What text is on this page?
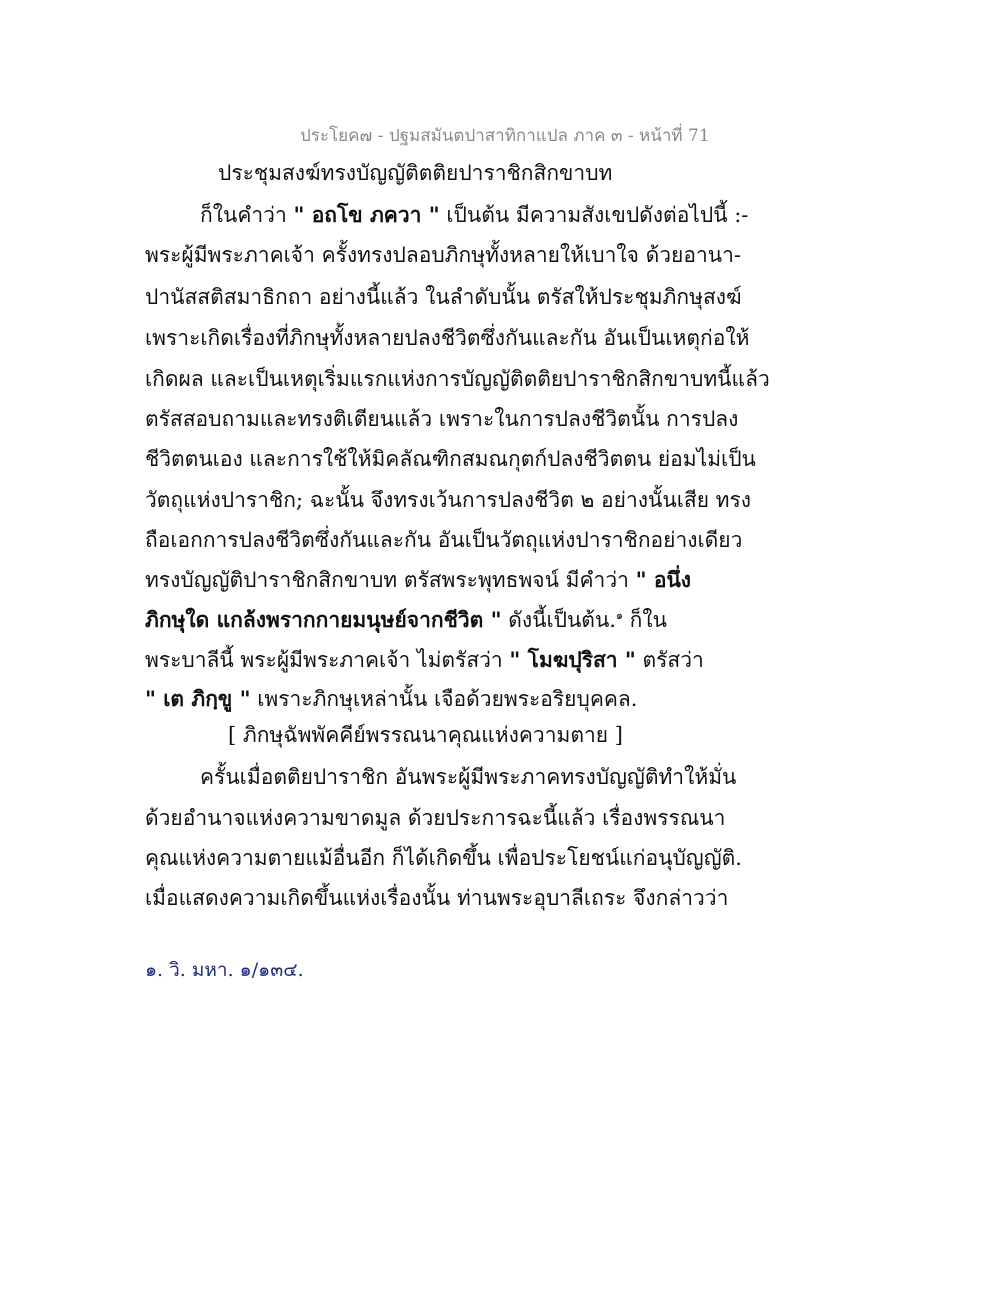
ประโยค๗ - ปฐมสมันตปาสาทิกาแปล ภาค ๓ - หน้าที่ 71
ประชุมสงฆ์ทรงบัญญัติตติยปาราชิกสิกขาบท
ก็ในคำว่า " อถโข ภควา " เป็นต้น มีความสังเขปดังต่อไปนี้ :-
พระผู้มีพระภาคเจ้า ครั้งทรงปลอบภิกษุทั้งหลายให้เบาใจ ด้วยอานา-
ปานัสสติสมาธิกถา อย่างนี้แล้ว ในลำดับนั้น ตรัสให้ประชุมภิกษุสงฆ์
เพราะเกิดเรื่องที่ภิกษุทั้งหลายปลงชีวิตซึ่งกันและกัน อันเป็นเหตุก่อให้
เกิดผล และเป็นเหตุเริ่มแรกแห่งการบัญญัติตติยปาราชิกสิกขาบทนี้แล้ว
ตรัสสอบถามและทรงติเตียนแล้ว เพราะในการปลงชีวิตนั้น การปลง
ชีวิตตนเอง และการใช้ให้มิคลัณฑิกสมณกุตก์ปลงชีวิตตน ย่อมไม่เป็น
วัตถุแห่งปาราชิก; ฉะนั้น จึงทรงเว้นการปลงชีวิต ๒ อย่างนั้นเสีย ทรง
ถือเอกการปลงชีวิตซึ่งกันและกัน อันเป็นวัตถุแห่งปาราชิกอย่างเดียว
ทรงบัญญัติปาราชิกสิกขาบท ตรัสพระพุทธพจน์ มีคำว่า " อนึ่ง
ภิกษุใด แกล้งพรากกายมนุษย์จากชีวิต " ดังนี้เป็นต้น.$^๑$ ก็ใน
พระบาลีนี้ พระผู้มีพระภาคเจ้า ไม่ตรัสว่า " โมฆปุริสา " ตรัสว่า
" เต ภิกฺขู " เพราะภิกษุเหล่านั้น เจือด้วยพระอริยบุคคล.
[ ภิกษุฉัพพัคคีย์พรรณนาคุณแห่งความตาย ]
ครั้นเมื่อตติยปาราชิก อันพระผู้มีพระภาคทรงบัญญัติทำให้มั่น
ด้วยอำนาจแห่งความขาดมูล ด้วยประการฉะนี้แล้ว เรื่องพรรณนา
คุณแห่งความตายแม้อื่นอีก ก็ได้เกิดขึ้น เพื่อประโยชน์แก่อนุบัญญัติ.
เมื่อแสดงความเกิดขึ้นแห่งเรื่องนั้น ท่านพระอุบาลีเถระ จึงกล่าวว่า
๑. วิ. มหา. ๑/๑๓๔.
